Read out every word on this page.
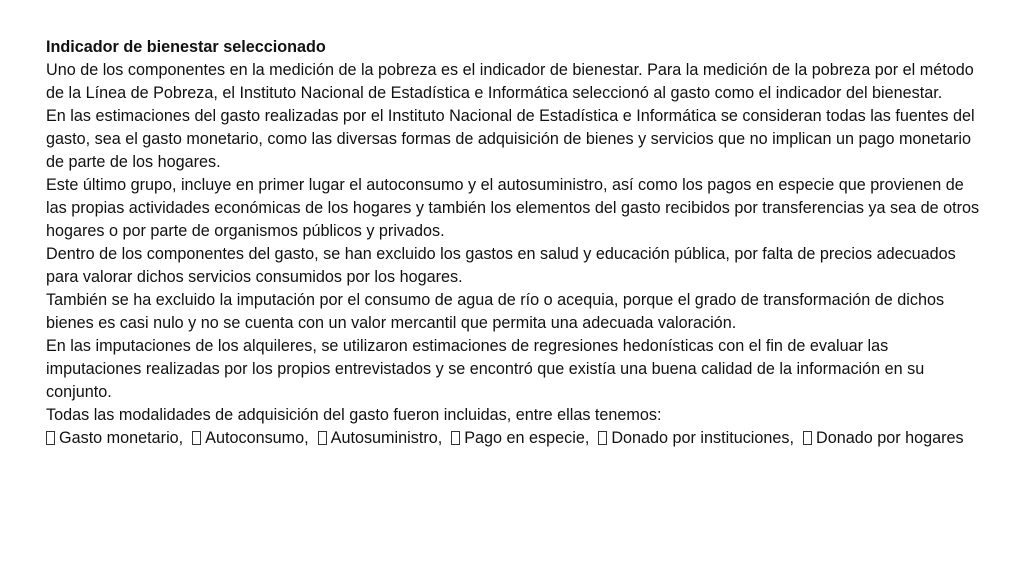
Indicador de bienestar seleccionado

Uno de los componentes en la medición de la pobreza es el indicador de bienestar. Para la medición de la pobreza por el método de la Línea de Pobreza, el Instituto Nacional de Estadística e Informática seleccionó al gasto como el indicador del bienestar.

En las estimaciones del gasto realizadas por el Instituto Nacional de Estadística e Informática se consideran todas las fuentes del gasto, sea el gasto monetario, como las diversas formas de adquisición de bienes y servicios que no implican un pago monetario de parte de los hogares.

Este último grupo, incluye en primer lugar el autoconsumo y el autosuministro, así como los pagos en especie que provienen de las propias actividades económicas de los hogares y también los elementos del gasto recibidos por transferencias ya sea de otros hogares o por parte de organismos públicos y privados.

Dentro de los componentes del gasto, se han excluido los gastos en salud y educación pública, por falta de precios adecuados para valorar dichos servicios consumidos por los hogares.

También se ha excluido la imputación por el consumo de agua de río o acequia, porque el grado de transformación de dichos bienes es casi nulo y no se cuenta con un valor mercantil que permita una adecuada valoración.

En las imputaciones de los alquileres, se utilizaron estimaciones de regresiones hedonísticas con el fin de evaluar las imputaciones realizadas por los propios entrevistados y se encontró que existía una buena calidad de la información en su conjunto.

Todas las modalidades de adquisición del gasto fueron incluidas, entre ellas tenemos:

Gasto monetario, Autoconsumo, Autosuministro, Pago en especie, Donado por instituciones, Donado por hogares
